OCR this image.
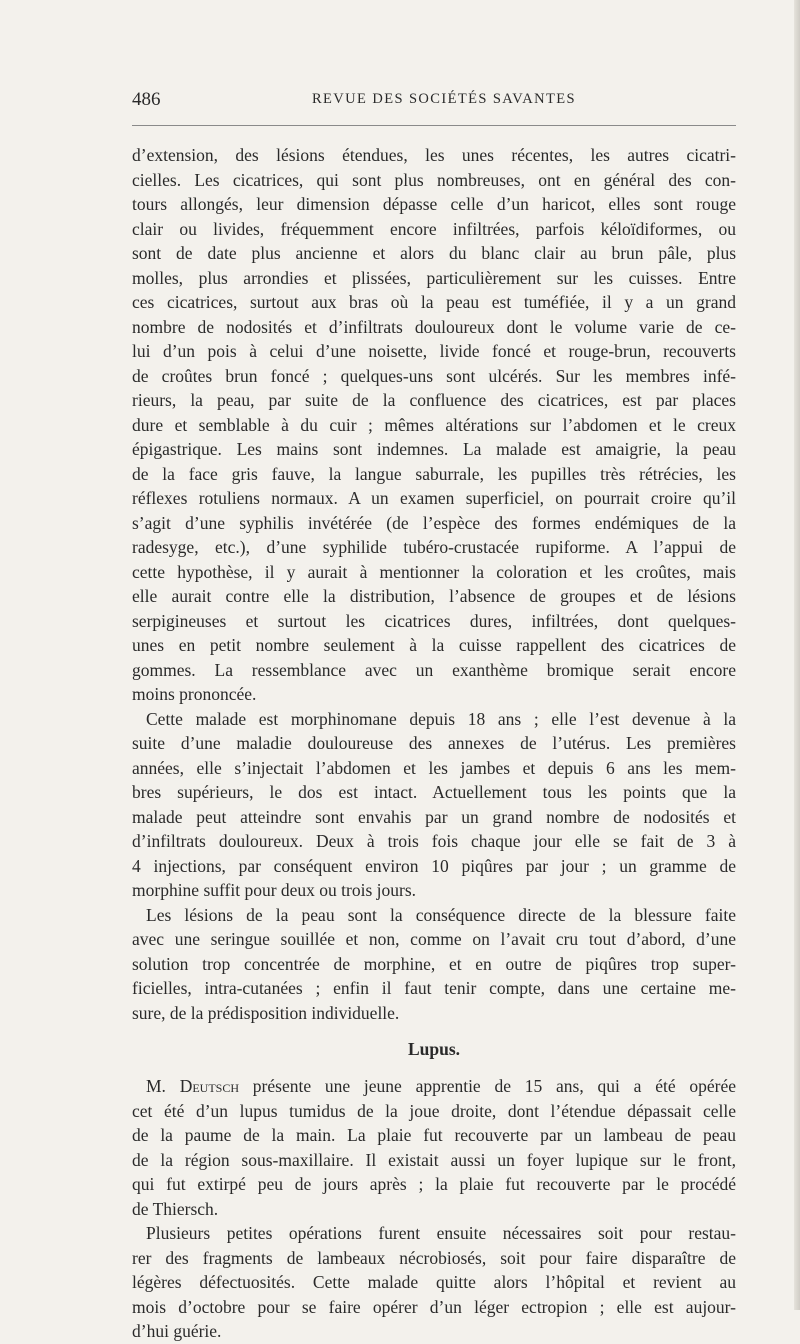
486	REVUE DES SOCIÉTÉS SAVANTES
d’extension, des lésions étendues, les unes récentes, les autres cicatri-
cielles. Les cicatrices, qui sont plus nombreuses, ont en général des con-
tours allongés, leur dimension dépasse celle d’un haricot, elles sont rouge
clair ou livides, fréquemment encore infiltrées, parfois kéloïdiformes, ou
sont de date plus ancienne et alors du blanc clair au brun pâle, plus
molles, plus arrondies et plissées, particulièrement sur les cuisses. Entre
ces cicatrices, surtout aux bras où la peau est tuméfiée, il y a un grand
nombre de nodosités et d’infiltrats douloureux dont le volume varie de ce-
lui d’un pois à celui d’une noisette, livide foncé et rouge-brun, recouverts
de croûtes brun foncé ; quelques-uns sont ulcérés. Sur les membres infé-
rieurs, la peau, par suite de la confluence des cicatrices, est par places
dure et semblable à du cuir ; mêmes altérations sur l’abdomen et le creux
épigastrique. Les mains sont indemnes. La malade est amaigrie, la peau
de la face gris fauve, la langue saburrale, les pupilles très rétrécies, les
réflexes rotuliens normaux. A un examen superficiel, on pourrait croire qu’il
s’agit d’une syphilis invétérée (de l’espèce des formes endémiques de la
radesyge, etc.), d’une syphilide tubéro-crustacée rupiforme. A l’appui de
cette hypothèse, il y aurait à mentionner la coloration et les croûtes, mais
elle aurait contre elle la distribution, l’absence de groupes et de lésions
serpigineuses et surtout les cicatrices dures, infiltrées, dont quelques-
unes en petit nombre seulement à la cuisse rappellent des cicatrices de
gommes. La ressemblance avec un exanthème bromique serait encore
moins prononcée.
Cette malade est morphinomane depuis 18 ans ; elle l’est devenue à la
suite d’une maladie douloureuse des annexes de l’utérus. Les premières
années, elle s’injectait l’abdomen et les jambes et depuis 6 ans les mem-
bres supérieurs, le dos est intact. Actuellement tous les points que la
malade peut atteindre sont envahis par un grand nombre de nodosités et
d’infiltrats douloureux. Deux à trois fois chaque jour elle se fait de 3 à
4 injections, par conséquent environ 10 piqûres par jour ; un gramme de
morphine suffit pour deux ou trois jours.
Les lésions de la peau sont la conséquence directe de la blessure faite
avec une seringue souillée et non, comme on l’avait cru tout d’abord, d’une
solution trop concentrée de morphine, et en outre de piqûres trop super-
ficielles, intra-cutanées ; enfin il faut tenir compte, dans une certaine me-
sure, de la prédisposition individuelle.
Lupus.
M. Deutsch présente une jeune apprentie de 15 ans, qui a été opérée
cet été d’un lupus tumidus de la joue droite, dont l’étendue dépassait celle
de la paume de la main. La plaie fut recouverte par un lambeau de peau
de la région sous-maxillaire. Il existait aussi un foyer lupique sur le front,
qui fut extirpé peu de jours après ; la plaie fut recouverte par le procédé
de Thiersch.
Plusieurs petites opérations furent ensuite nécessaires soit pour restau-
rer des fragments de lambeaux nécrobiosés, soit pour faire disparaître de
légères défectuosités. Cette malade quitte alors l’hôpital et revient au
mois d’octobre pour se faire opérer d’un léger ectropion ; elle est aujour-
d’hui guérie.
